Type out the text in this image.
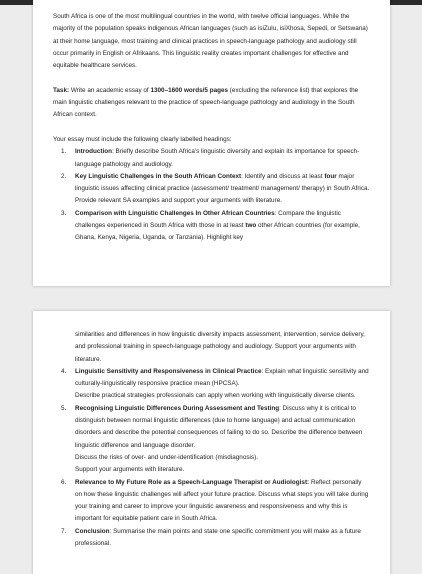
South Africa is one of the most multilingual countries in the world, with twelve official languages. While the majority of the population speaks indigenous African languages (such as isiZulu, isiXhosa, Sepedi, or Setswana) at their home language, most training and clinical practices in speech-language pathology and audiology still occur primarily in English or Afrikaans. This linguistic reality creates important challenges for effective and equitable healthcare services.

Task: Write an academic essay of 1300–1600 words/5 pages (excluding the reference list) that explores the main linguistic challenges relevant to the practice of speech-language pathology and audiology in the South African context.

Your essay must include the following clearly labelled headings:

1.	Introduction: Briefly describe South Africa's linguistic diversity and explain its importance for speech-language pathology and audiology.
2.	Key Linguistic Challenges in the South African Context: Identify and discuss at least four major linguistic issues affecting clinical practice (assessment/ treatment/ management/ therapy) in South Africa. Provide relevant SA examples and support your arguments with literature.
3.	Comparison with Linguistic Challenges In Other African Countries: Compare the linguistic challenges experienced in South Africa with those in at least two other African countries (for example, Ghana, Kenya, Nigeria, Uganda, or Tanzania). Highlight key

similarities and differences in how linguistic diversity impacts assessment, intervention, service delivery, and professional training in speech-language pathology and audiology. Support your arguments with literature.

4.	Linguistic Sensitivity and Responsiveness in Clinical Practice: Explain what linguistic sensitivity and culturally-linguistically responsive practice mean (HPCSA).
Describe practical strategies professionals can apply when working with linguistically diverse clients.
5.	Recognising Linguistic Differences During Assessment and Testing: Discuss why it is critical to distinguish between normal linguistic differences (due to home language) and actual communication disorders and describe the potential consequences of failing to do so. Describe the difference between linguistic difference and language disorder.
Discuss the risks of over- and under-identification (misdiagnosis).
Support your arguments with literature.
6.	Relevance to My Future Role as a Speech-Language Therapist or Audiologist: Reflect personally on how these linguistic challenges will affect your future practice. Discuss what steps you will take during your training and career to improve your linguistic awareness and responsiveness and why this is important for equitable patient care in South Africa.
7.	Conclusion: Summarise the main points and state one specific commitment you will make as a future professional.
